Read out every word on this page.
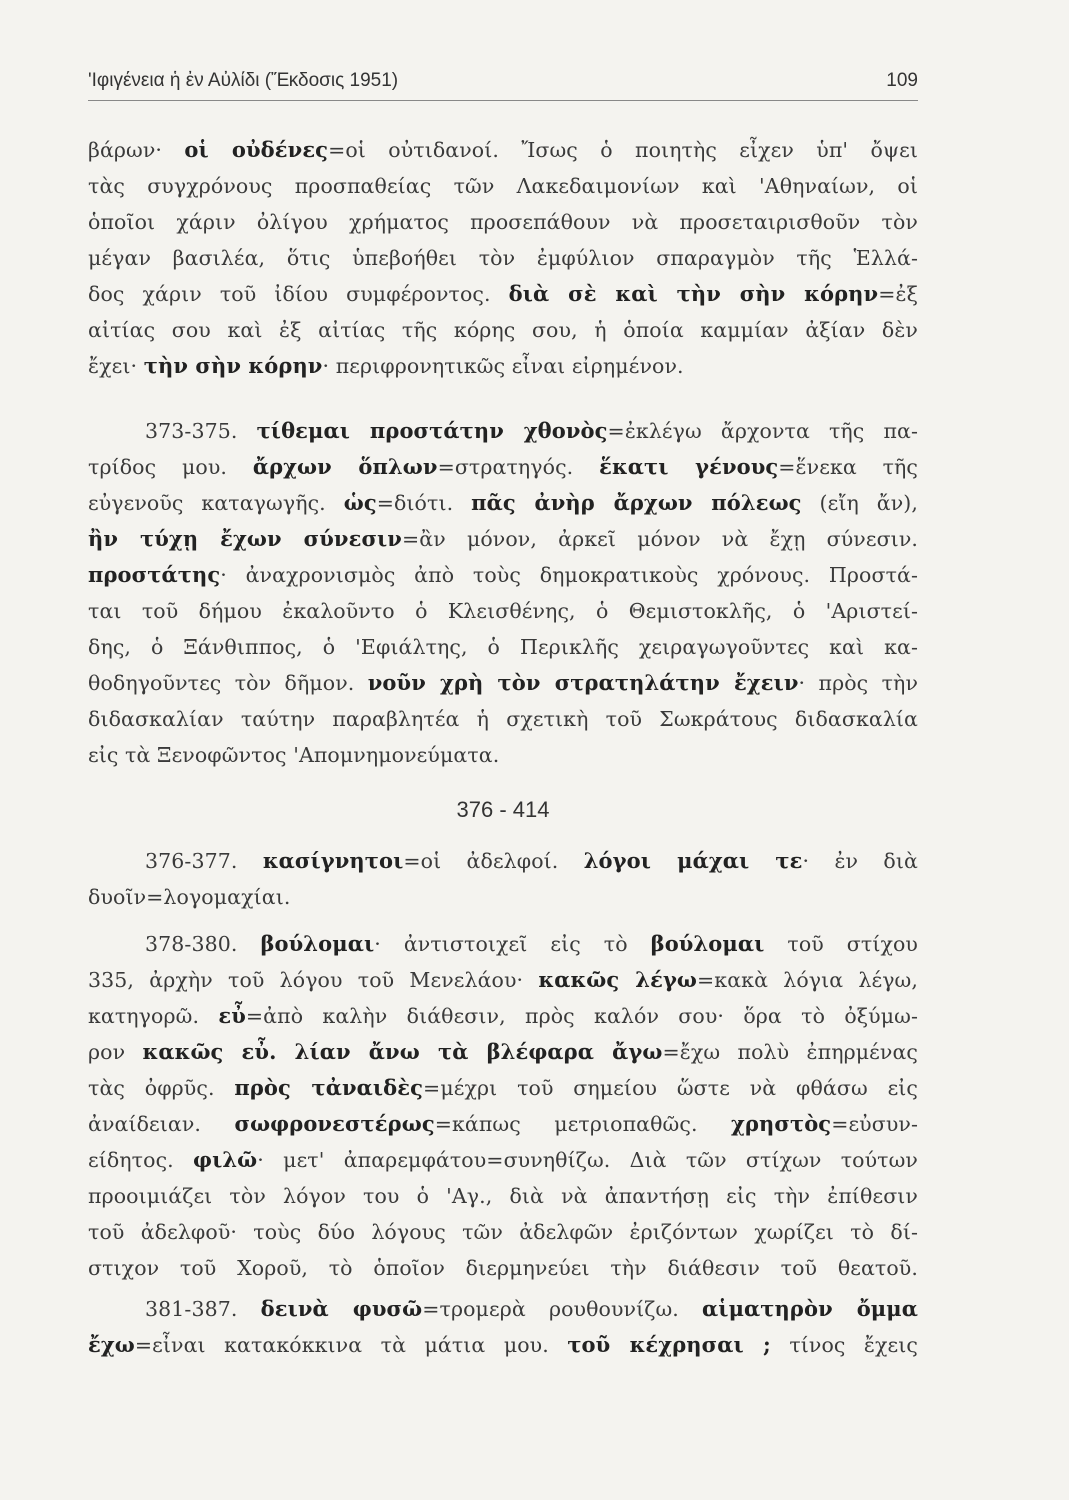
'Ιφιγένεια ἡ ἐν Αὐλίδι (Ἔκδοσις 1951)	109
βάρων· οἱ οὐδένες=οἱ οὐτιδανοί. Ἴσως ὁ ποιητὴς εἶχεν ὑπ' ὄψει
τὰς συγχρόνους προσπαθείας τῶν Λακεδαιμονίων καὶ 'Αθηναίων, οἱ
ὁποῖοι χάριν ὀλίγου χρήματος προσεπάθουν νὰ προσεταιρισθοῦν τὸν
μέγαν βασιλέα, ὅτις ὑπεβοήθει τὸν ἐμφύλιον σπαραγμὸν τῆς Ἑλλά-
δος χάριν τοῦ ἰδίου συμφέροντος. διὰ σὲ καὶ τὴν σὴν κόρην=ἐξ
αἰτίας σου καὶ ἐξ αἰτίας τῆς κόρης σου, ἡ ὁποία καμμίαν ἀξίαν δὲν
ἔχει· τὴν σὴν κόρην· περιφρονητικῶς εἶναι εἰρημένον.
373-375. τίθεμαι προστάτην χθονὸς=ἐκλέγω ἄρχοντα τῆς πα-
τρίδος μου. ἄρχων ὅπλων=στρατηγός. ἕκατι γένους=ἕνεκα τῆς
εὐγενοῦς καταγωγῆς. ὡς=διότι. πᾶς ἀνὴρ ἄρχων πόλεως (εἴη ἄν),
ἢν τύχῃ ἔχων σύνεσιν=ἂν μόνον, ἀρκεῖ μόνον νὰ ἔχῃ σύνεσιν.
προστάτης· ἀναχρονισμὸς ἀπὸ τοὺς δημοκρατικοὺς χρόνους. Προστά-
ται τοῦ δήμου ἐκαλοῦντο ὁ Κλεισθένης, ὁ Θεμιστοκλῆς, ὁ 'Αριστεί-
δης, ὁ Ξάνθιππος, ὁ 'Εφιάλτης, ὁ Περικλῆς χειραγωγοῦντες καὶ κα-
θοδηγοῦντες τὸν δῆμον. νοῦν χρὴ τὸν στρατηλάτην ἔχειν· πρὸς τὴν
διδασκαλίαν ταύτην παραβλητέα ἡ σχετικὴ τοῦ Σωκράτους διδασκαλία
εἰς τὰ Ξενοφῶντος 'Απομνημονεύματα.
376 - 414
376-377. κασίγνητοι=οἱ ἀδελφοί. λόγοι μάχαι τε· ἐν διὰ
δυοῖν=λογομαχίαι.
378-380. βούλομαι· ἀντιστοιχεῖ εἰς τὸ βούλομαι τοῦ στίχου
335, ἀρχὴν τοῦ λόγου τοῦ Μενελάου· κακῶς λέγω=κακὰ λόγια λέγω,
κατηγορῶ. εὖ=ἀπὸ καλὴν διάθεσιν, πρὸς καλόν σου· ὅρα τὸ ὀξύμω-
ρον κακῶς εὖ. λίαν ἄνω τὰ βλέφαρα ἄγω=ἔχω πολὺ ἐπηρμένας
τὰς ὀφρῦς. πρὸς τἀναιδὲς=μέχρι τοῦ σημείου ὥστε νὰ φθάσω εἰς
ἀναίδειαν. σωφρονεστέρως=κάπως μετριοπαθῶς. χρηστὸς=εὐσυν-
είδητος. φιλῶ· μετ' ἀπαρεμφάτου=συνηθίζω. Διὰ τῶν στίχων τούτων
προοιμιάζει τὸν λόγον του ὁ 'Αγ., διὰ νὰ ἀπαντήσῃ εἰς τὴν ἐπίθεσιν
τοῦ ἀδελφοῦ· τοὺς δύο λόγους τῶν ἀδελφῶν ἐριζόντων χωρίζει τὸ δί-
στιχον τοῦ Χοροῦ, τὸ ὁποῖον διερμηνεύει τὴν διάθεσιν τοῦ θεατοῦ.
381-387. δεινὰ φυσῶ=τρομερὰ ρουθουνίζω. αἱματηρὸν ὄμμα
ἔχω=εἶναι κατακόκκινα τὰ μάτια μου. τοῦ κέχρησαι ; τίνος ἔχεις
